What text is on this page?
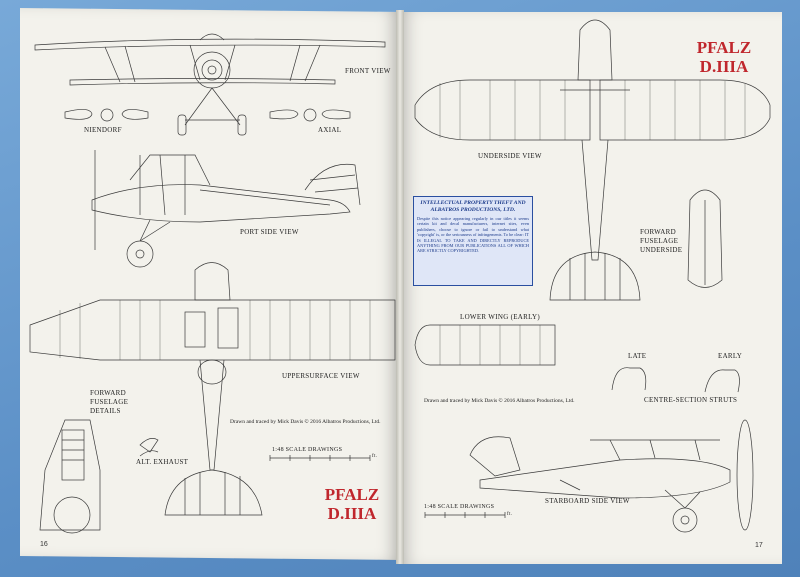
FRONT VIEW
NIENDORF	AXIAL
PORT SIDE VIEW
UPPERSURFACE VIEW
FORWARD
FUSELAGE
DETAILS
ALT. EXHAUST
1:48 SCALE DRAWINGS
ft.
Drawn and traced by Mick Davis © 2016 Albatros Productions, Ltd.
PFALZ
D.IIIA
16
PFALZ
D.IIIA
UNDERSIDE VIEW
FORWARD
FUSELAGE
UNDERSIDE
LOWER WING (EARLY)
LATE	EARLY
CENTRE-SECTION STRUTS
STARBOARD SIDE VIEW
1:48 SCALE DRAWINGS
ft.
Drawn and traced by Mick Davis © 2016 Albatros Productions, Ltd.
17
INTELLECTUAL PROPERTY THEFT AND ALBATROS PRODUCTIONS, LTD.
Despite this notice appearing regularly in our titles it seems certain kit and decal manufacturers, internet sites, even publishers, choose to ignore or fail to understand what 'copyright' is, or the seriousness of infringements. To be clear: IT IS ILLEGAL TO TAKE AND DIRECTLY REPRODUCE ANYTHING FROM OUR PUBLICATIONS ALL OF WHICH ARE STRICTLY COPYRIGHTED.
